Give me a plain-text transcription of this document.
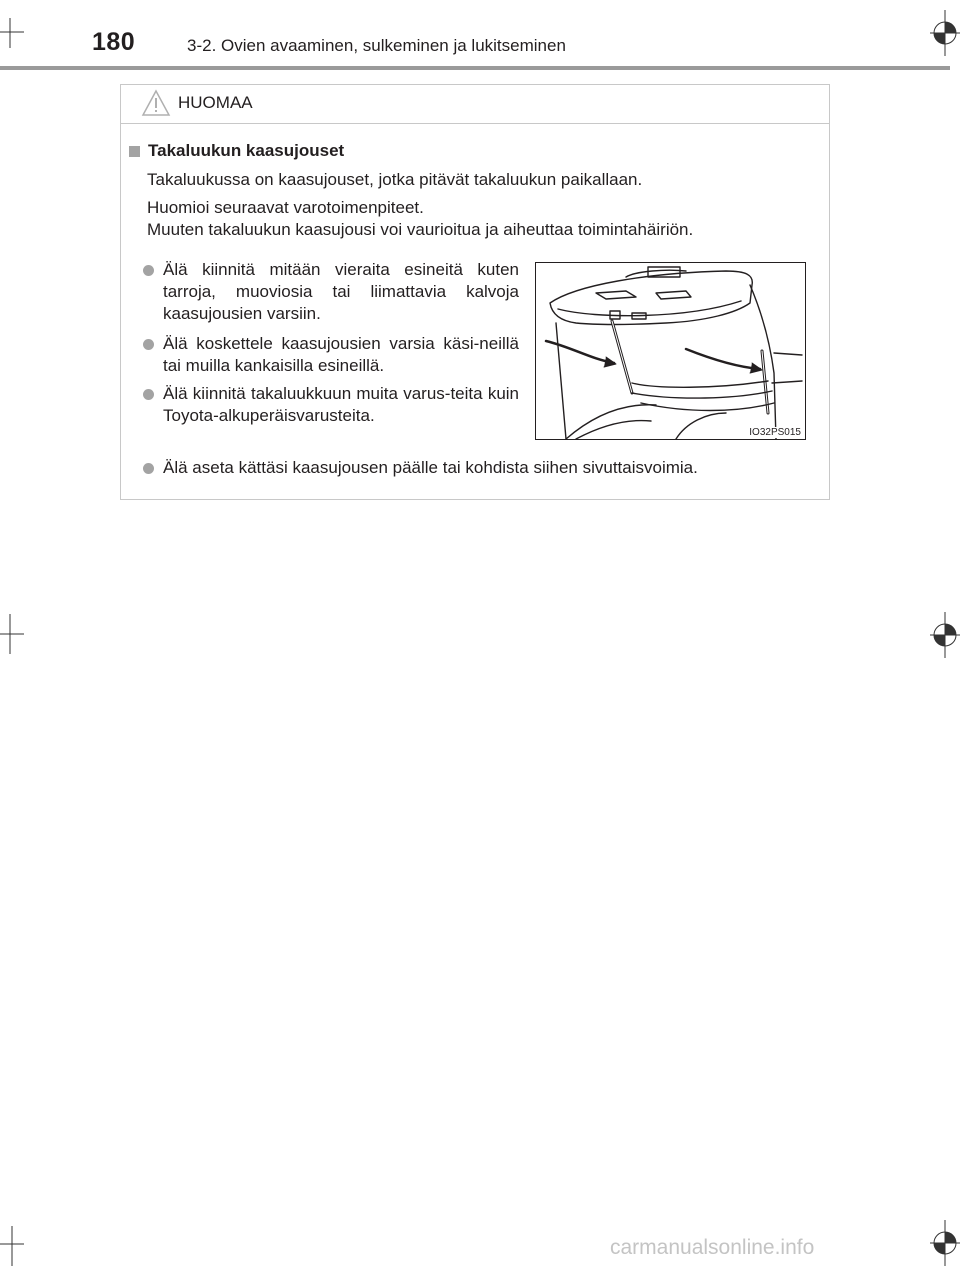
180	3-2. Ovien avaaminen, sulkeminen ja lukitseminen
HUOMAA
Takaluukun kaasujouset
Takaluukussa on kaasujouset, jotka pitävät takaluukun paikallaan.
Huomioi seuraavat varotoimenpiteet.
Muuten takaluukun kaasujousi voi vaurioitua ja aiheuttaa toimintahäiriön.
Älä kiinnitä mitään vieraita esineitä kuten tarroja, muoviosia tai liimattavia kalvoja kaasujousien varsiin.
Älä koskettele kaasujousien varsia käsi-neillä tai muilla kankaisilla esineillä.
Älä kiinnitä takaluukkuun muita varus-teita kuin Toyota-alkuperäisvarusteita.
Älä aseta kättäsi kaasujousen päälle tai kohdista siihen sivuttaisvoimia.
IO32PS015
carmanualsonline.info
